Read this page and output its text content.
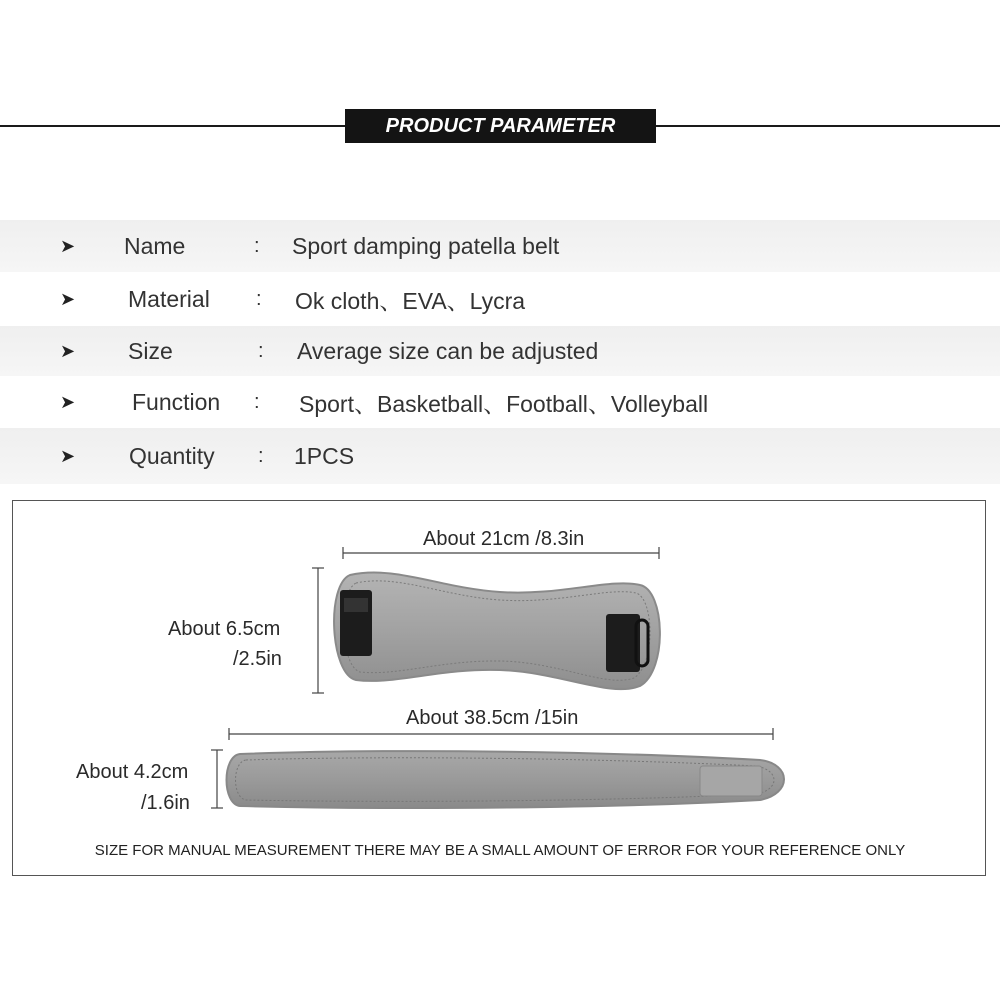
PRODUCT PARAMETER
➤ Name	: Sport damping patella belt
➤ Material : Ok cloth、EVA、Lycra
➤ Size	: Average size can be adjusted
➤ Function : Sport、Basketball、Football、Volleyball
➤ Quantity : 1PCS
About 21cm /8.3in
About 6.5cm
/2.5in
About 38.5cm /15in
About 4.2cm
/1.6in
SIZE FOR MANUAL MEASUREMENT THERE MAY BE A SMALL AMOUNT OF ERROR FOR YOUR REFERENCE ONLY
